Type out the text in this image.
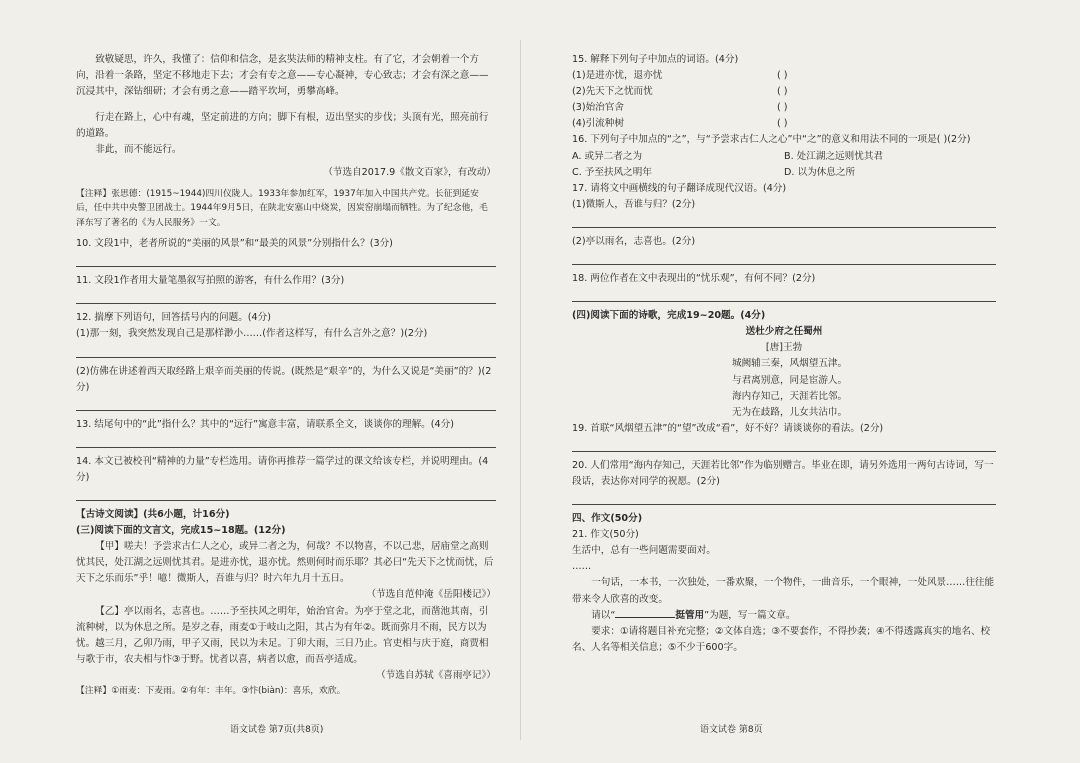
致敬疑思，许久，我懂了：信仰和信念，是玄奘法师的精神支柱。有了它，才会朝着一个方向，沿着一条路，坚定不移地走下去；才会有专之意——专心凝神，专心致志；才会有深之意——沉浸其中，深钻细研；才会有勇之意——踏平坎坷，勇攀高峰。

行走在路上，心中有魂，坚定前进的方向；脚下有根，迈出坚实的步伐；头顶有光，照亮前行的道路。

非此，而不能远行。

（节选自2017.9《散文百家》，有改动）

【注释】张思德：(1915~1944)四川仪陇人。1933年参加红军，1937年加入中国共产党。长征到延安后，任中共中央警卫团战士。1944年9月5日，在陕北安塞山中烧炭，因炭窑崩塌而牺牲。为了纪念他，毛泽东写了著名的《为人民服务》一文。

10. 文段1中，老者所说的“美丽的风景”和“最美的风景”分别指什么？(3分)

11. 文段1作者用大量笔墨叙写拍照的游客，有什么作用？(3分)

12. 揣摩下列语句，回答括号内的问题。(4分)

(1)那一刻，我突然发现自己是那样渺小……(作者这样写，有什么言外之意？)(2分)

(2)仿佛在讲述着西天取经路上艰辛而美丽的传说。(既然是“艰辛”的，为什么又说是“美丽”的？)(2分)

13. 结尾句中的“此”指什么？其中的“远行”寓意丰富，请联系全文，谈谈你的理解。(4分)

14. 本文已被校刊“精神的力量”专栏选用。请你再推荐一篇学过的课文给该专栏，并说明理由。(4分)

【古诗文阅读】(共6小题，计16分)

(三)阅读下面的文言文，完成15~18题。(12分)

【甲】嗟夫！予尝求古仁人之心，或异二者之为，何哉？不以物喜，不以己悲，居庙堂之高则忧其民，处江湖之远则忧其君。是进亦忧，退亦忧。然则何时而乐耶？其必曰“先天下之忧而忧，后天下之乐而乐”乎！噫！微斯人，吾谁与归？时六年九月十五日。

（节选自范仲淹《岳阳楼记》）

【乙】亭以雨名，志喜也。……予至扶风之明年，始治官舍。为亭于堂之北，而凿池其南，引流种树，以为休息之所。是岁之春，雨麦①于岐山之阳，其占为有年②。既而弥月不雨，民方以为忧。越三月，乙卯乃雨，甲子又雨，民以为未足。丁卯大雨，三日乃止。官吏相与庆于庭，商贾相与歌于市，农夫相与忭③于野。忧者以喜，病者以愈，而吾亭适成。

（节选自苏轼《喜雨亭记》）

【注释】①雨麦：下麦雨。②有年：丰年。③忭(biàn)：喜乐，欢欣。

15. 解释下列句子中加点的词语。(4分)

(1)是进亦忧，退亦忧	( )
(2)先天下之忧而忧	( )
(3)始治官舍	( )
(4)引流种树	( )

16. 下列句子中加点的“之”，与“予尝求古仁人之心”中“之”的意义和用法不同的一项是( )(2分)

A. 或异二者之为	B. 处江湖之远则忧其君
C. 予至扶风之明年	D. 以为休息之所

17. 请将文中画横线的句子翻译成现代汉语。(4分)

(1)微斯人，吾谁与归？(2分)

(2)亭以雨名，志喜也。(2分)

18. 两位作者在文中表现出的“忧乐观”，有何不同？(2分)

(四)阅读下面的诗歌，完成19~20题。(4分)

送杜少府之任蜀州

[唐]王勃

城阙辅三秦，风烟望五津。

与君离别意，同是宦游人。

海内存知己，天涯若比邻。

无为在歧路，儿女共沾巾。

19. 首联“风烟望五津”的“望”改成“看”，好不好？请谈谈你的看法。(2分)

20. 人们常用“海内存知己，天涯若比邻”作为临别赠言。毕业在即，请另外选用一两句古诗词，写一段话，表达你对同学的祝愿。(2分)

四、作文(50分)

21. 作文(50分)

生活中，总有一些问题需要面对。

……

一句话，一本书，一次独处，一番欢聚，一个物件，一曲音乐，一个眼神，一处风景……往往能带来令人欣喜的改变。

请以“	挺管用”为题，写一篇文章。

要求：①请将题目补充完整；②文体自选；③不要套作，不得抄袭；④不得透露真实的地名、校名、人名等相关信息；⑤不少于600字。

语文试卷 第7页(共8页)	语文试卷 第8页
